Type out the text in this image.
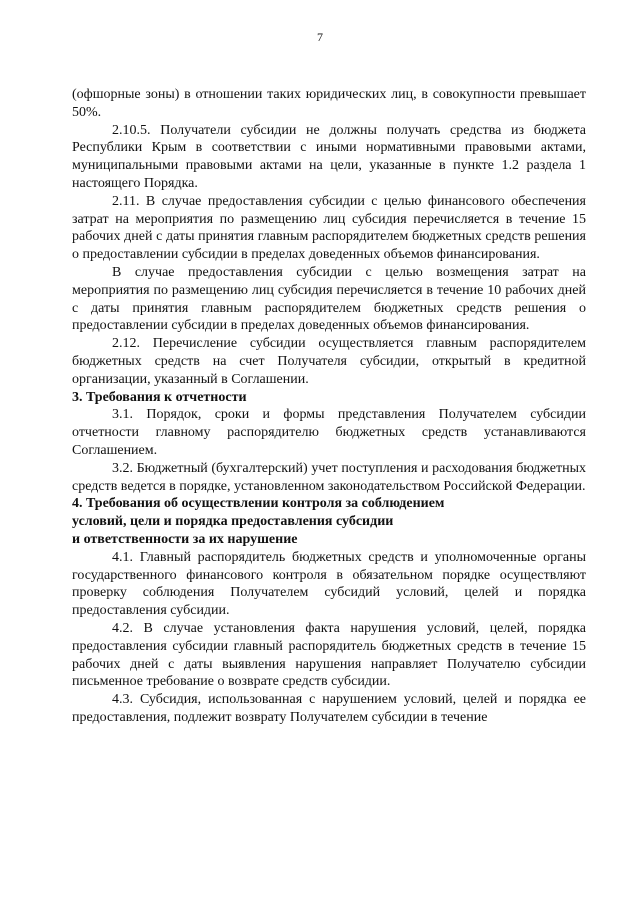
7

(офшорные зоны) в отношении таких юридических лиц, в совокупности превышает 50%.

2.10.5. Получатели субсидии не должны получать средства из бюджета Республики Крым в соответствии с иными нормативными правовыми актами, муниципальными правовыми актами на цели, указанные в пункте 1.2 раздела 1 настоящего Порядка.

2.11. В случае предоставления субсидии с целью финансового обеспечения затрат на мероприятия по размещению лиц субсидия перечисляется в течение 15 рабочих дней с даты принятия главным распорядителем бюджетных средств решения о предоставлении субсидии в пределах доведенных объемов финансирования.

В случае предоставления субсидии с целью возмещения затрат на мероприятия по размещению лиц субсидия перечисляется в течение 10 рабочих дней с даты принятия главным распорядителем бюджетных средств решения о предоставлении субсидии в пределах доведенных объемов финансирования.

2.12. Перечисление субсидии осуществляется главным распорядителем бюджетных средств на счет Получателя субсидии, открытый в кредитной организации, указанный в Соглашении.

3. Требования к отчетности

3.1. Порядок, сроки и формы представления Получателем субсидии отчетности главному распорядителю бюджетных средств устанавливаются Соглашением.

3.2. Бюджетный (бухгалтерский) учет поступления и расходования бюджетных средств ведется в порядке, установленном законодательством Российской Федерации.

4. Требования об осуществлении контроля за соблюдением
условий, цели и порядка предоставления субсидии
и ответственности за их нарушение

4.1. Главный распорядитель бюджетных средств и уполномоченные органы государственного финансового контроля в обязательном порядке осуществляют проверку соблюдения Получателем субсидий условий, целей и порядка предоставления субсидии.

4.2. В случае установления факта нарушения условий, целей, порядка предоставления субсидии главный распорядитель бюджетных средств в течение 15 рабочих дней с даты выявления нарушения направляет Получателю субсидии письменное требование о возврате средств субсидии.

4.3. Субсидия, использованная с нарушением условий, целей и порядка ее предоставления, подлежит возврату Получателем субсидии в течение
